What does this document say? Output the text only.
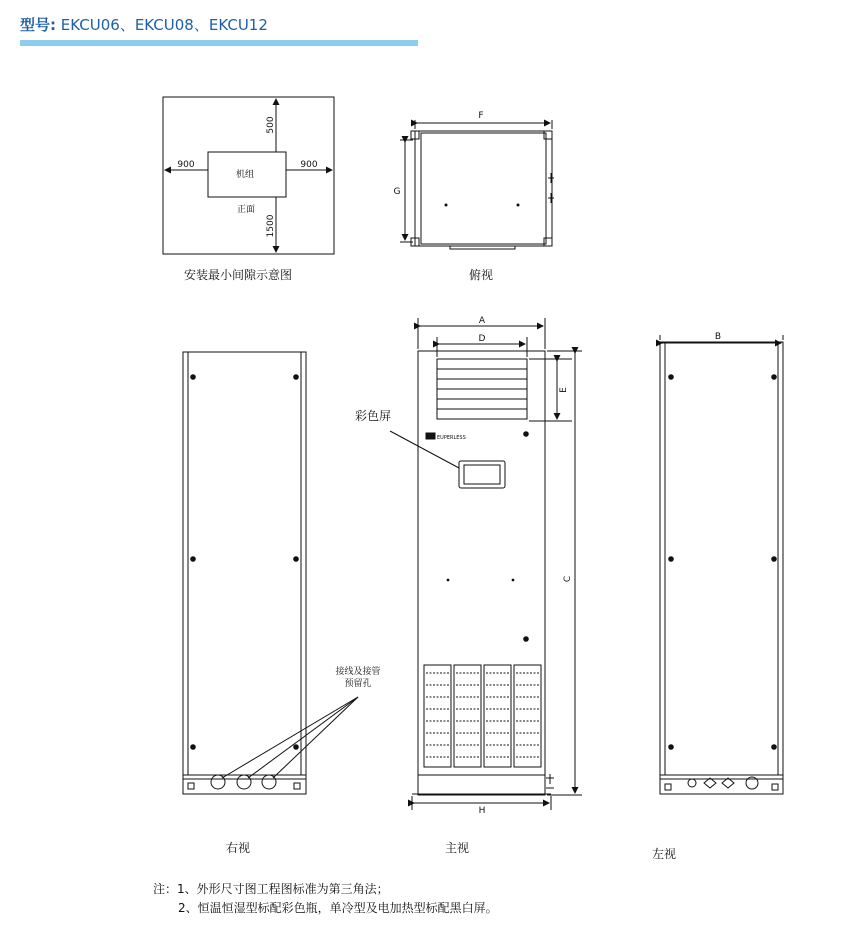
型号: EKCU06、EKCU08、EKCU12
500
900	900
1500
机组
正面
安装最小间隙示意图
F
G
俯视
接线及接管
预留孔
右视
EUPERLESS
彩色屏
A
D
E
C
H
主视
B
左视
注：1、外形尺寸图工程图标准为第三角法；
2、恒温恒湿型标配彩色瓶，单冷型及电加热型标配黑白屏。
